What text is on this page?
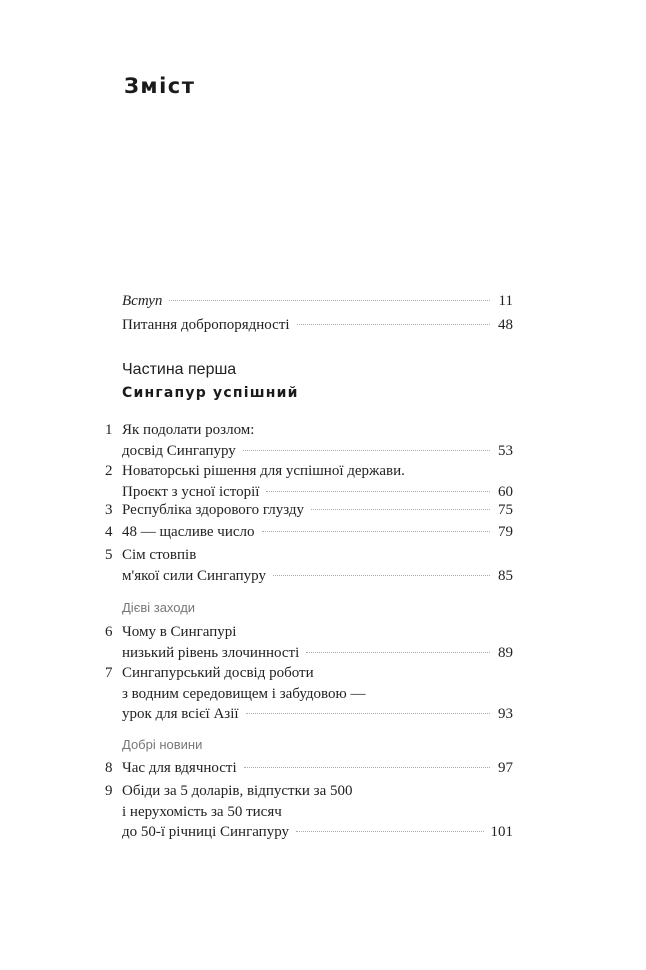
Зміст
Вступ	11
Питання добропорядності	48
Частина перша
Сингапур успішний
1 Як подолати розлом:
досвід Сингапуру	53
2 Новаторські рішення для успішної держави.
Проєкт з усної історії	60
3 Республіка здорового глузду	75
4 48 — щасливе число	79
5 Сім стовпів
м'якої сили Сингапуру	85
Дієві заходи
6 Чому в Сингапурі
низький рівень злочинності	89
7 Сингапурський досвід роботи
з водним середовищем і забудовою —
урок для всієї Азії	93
Добрі новини
8 Час для вдячності	97
9 Обіди за 5 доларів, відпустки за 500
і нерухомість за 50 тисяч
до 50-ї річниці Сингапуру	101
